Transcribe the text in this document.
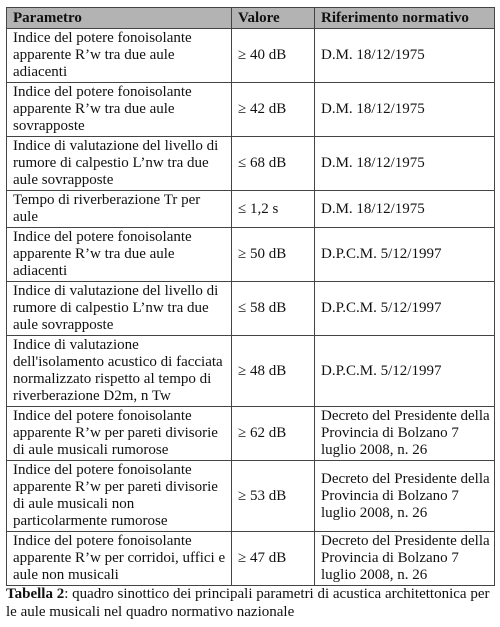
Parametro	Valore	Riferimento normativo
Indice del potere fonoisolante apparente R’w tra due aule adiacenti	≥ 40 dB	D.M. 18/12/1975
Indice del potere fonoisolante apparente R’w tra due aule sovrapposte	≥ 42 dB	D.M. 18/12/1975
Indice di valutazione del livello di rumore di calpestio L’nw tra due aule sovrapposte	≤ 68 dB	D.M. 18/12/1975
Tempo di riverberazione Tr per aule	≤ 1,2 s	D.M. 18/12/1975
Indice del potere fonoisolante apparente R’w tra due aule adiacenti	≥ 50 dB	D.P.C.M. 5/12/1997
Indice di valutazione del livello di rumore di calpestio L’nw tra due aule sovrapposte	≤ 58 dB	D.P.C.M. 5/12/1997
Indice di valutazione dell'isolamento acustico di facciata normalizzato rispetto al tempo di riverberazione D2m, n Tw	≥ 48 dB	D.P.C.M. 5/12/1997
Indice del potere fonoisolante apparente R’w per pareti divisorie di aule musicali rumorose	≥ 62 dB	Decreto del Presidente della Provincia di Bolzano 7 luglio 2008, n. 26
Indice del potere fonoisolante apparente R’w per pareti divisorie di aule musicali non particolarmente rumorose	≥ 53 dB	Decreto del Presidente della Provincia di Bolzano 7 luglio 2008, n. 26
Indice del potere fonoisolante apparente R’w per corridoi, uffici e aule non musicali	≥ 47 dB	Decreto del Presidente della Provincia di Bolzano 7 luglio 2008, n. 26
Tabella 2: quadro sinottico dei principali parametri di acustica architettonica per le aule musicali nel quadro normativo nazionale
